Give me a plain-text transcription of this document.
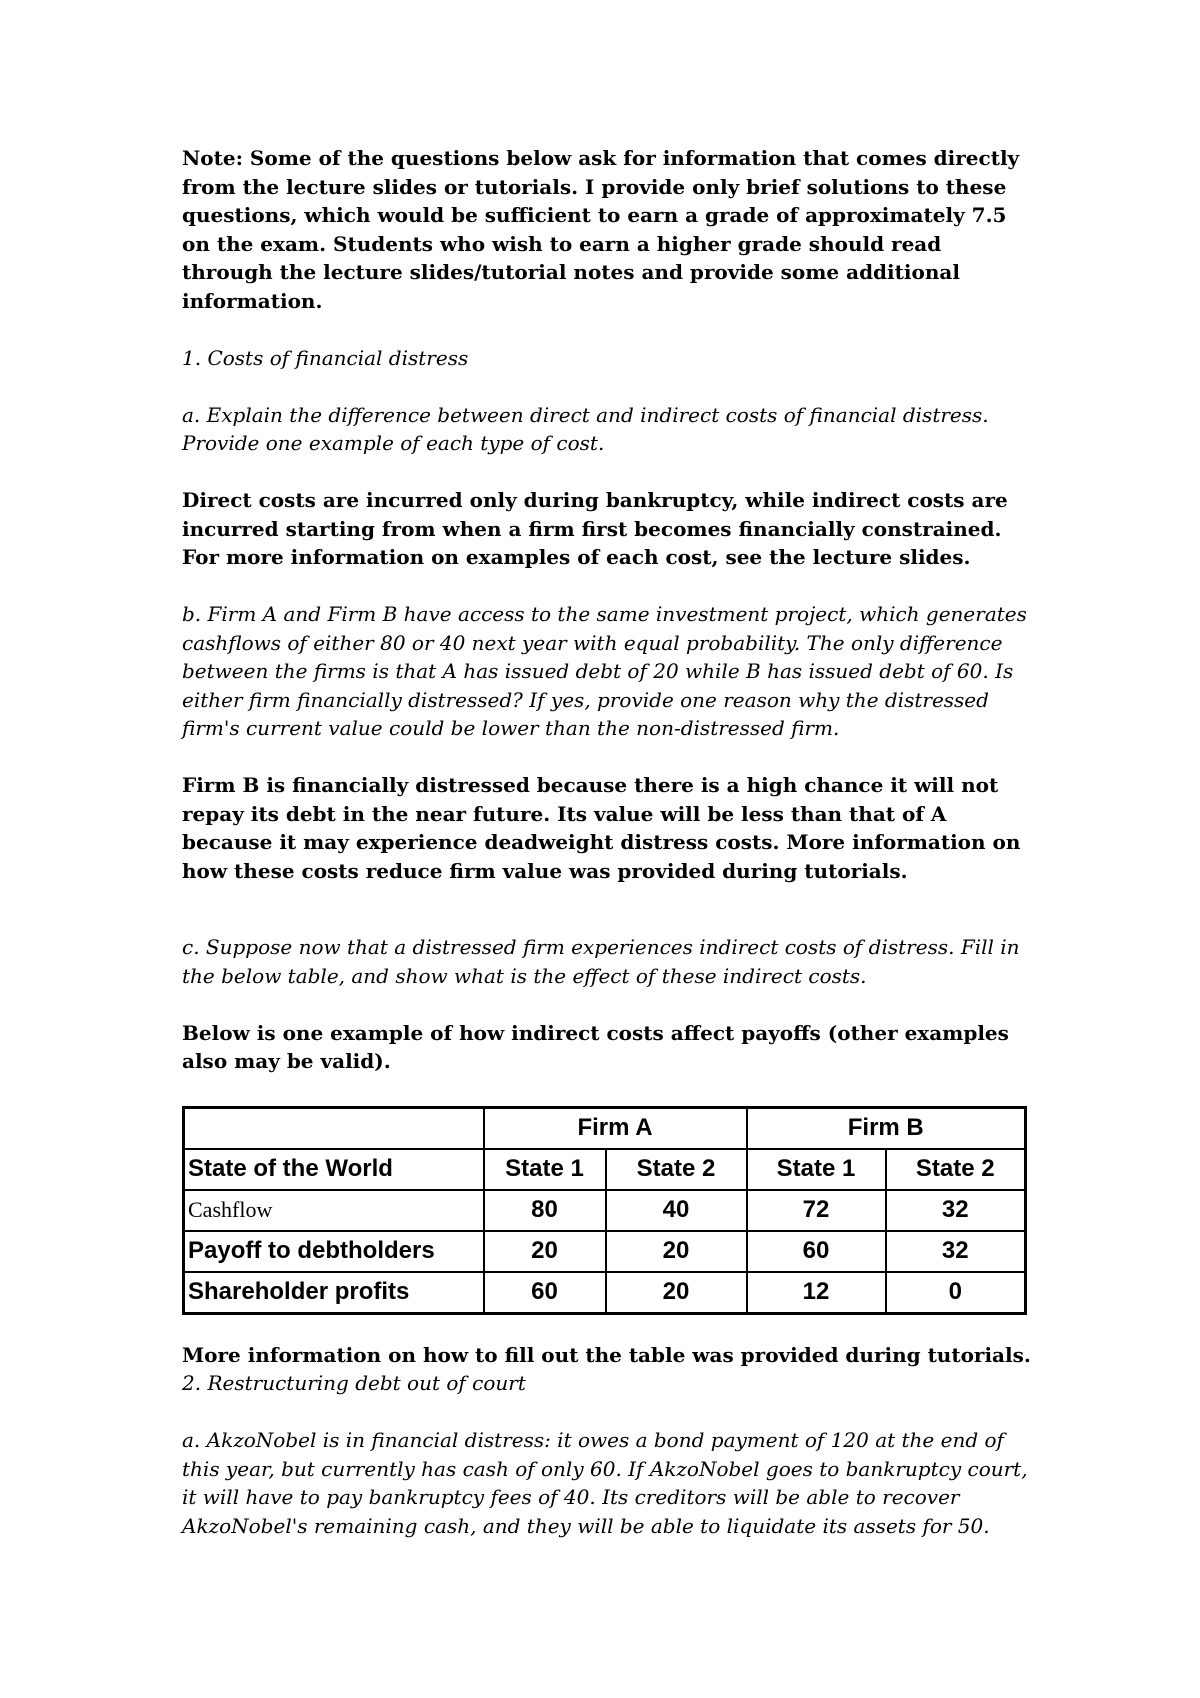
Note: Some of the questions below ask for information that comes directly from the lecture slides or tutorials. I provide only brief solutions to these questions, which would be sufficient to earn a grade of approximately 7.5 on the exam. Students who wish to earn a higher grade should read through the lecture slides/tutorial notes and provide some additional information.

1. Costs of financial distress

a. Explain the difference between direct and indirect costs of financial distress. Provide one example of each type of cost.

Direct costs are incurred only during bankruptcy, while indirect costs are incurred starting from when a firm first becomes financially constrained. For more information on examples of each cost, see the lecture slides.

b. Firm A and Firm B have access to the same investment project, which generates cashflows of either 80 or 40 next year with equal probability. The only difference between the firms is that A has issued debt of 20 while B has issued debt of 60. Is either firm financially distressed? If yes, provide one reason why the distressed firm's current value could be lower than the non-distressed firm.

Firm B is financially distressed because there is a high chance it will not repay its debt in the near future. Its value will be less than that of A because it may experience deadweight distress costs. More information on how these costs reduce firm value was provided during tutorials.

c. Suppose now that a distressed firm experiences indirect costs of distress. Fill in the below table, and show what is the effect of these indirect costs.

Below is one example of how indirect costs affect payoffs (other examples also may be valid).

	Firm A		Firm B	
State of the World	State 1	State 2	State 1	State 2
Cashflow	80	40	72	32
Payoff to debtholders	20	20	60	32
Shareholder profits	60	20	12	0

More information on how to fill out the table was provided during tutorials.

2. Restructuring debt out of court

a. AkzoNobel is in financial distress: it owes a bond payment of 120 at the end of this year, but currently has cash of only 60. If AkzoNobel goes to bankruptcy court, it will have to pay bankruptcy fees of 40. Its creditors will be able to recover AkzoNobel's remaining cash, and they will be able to liquidate its assets for 50.
